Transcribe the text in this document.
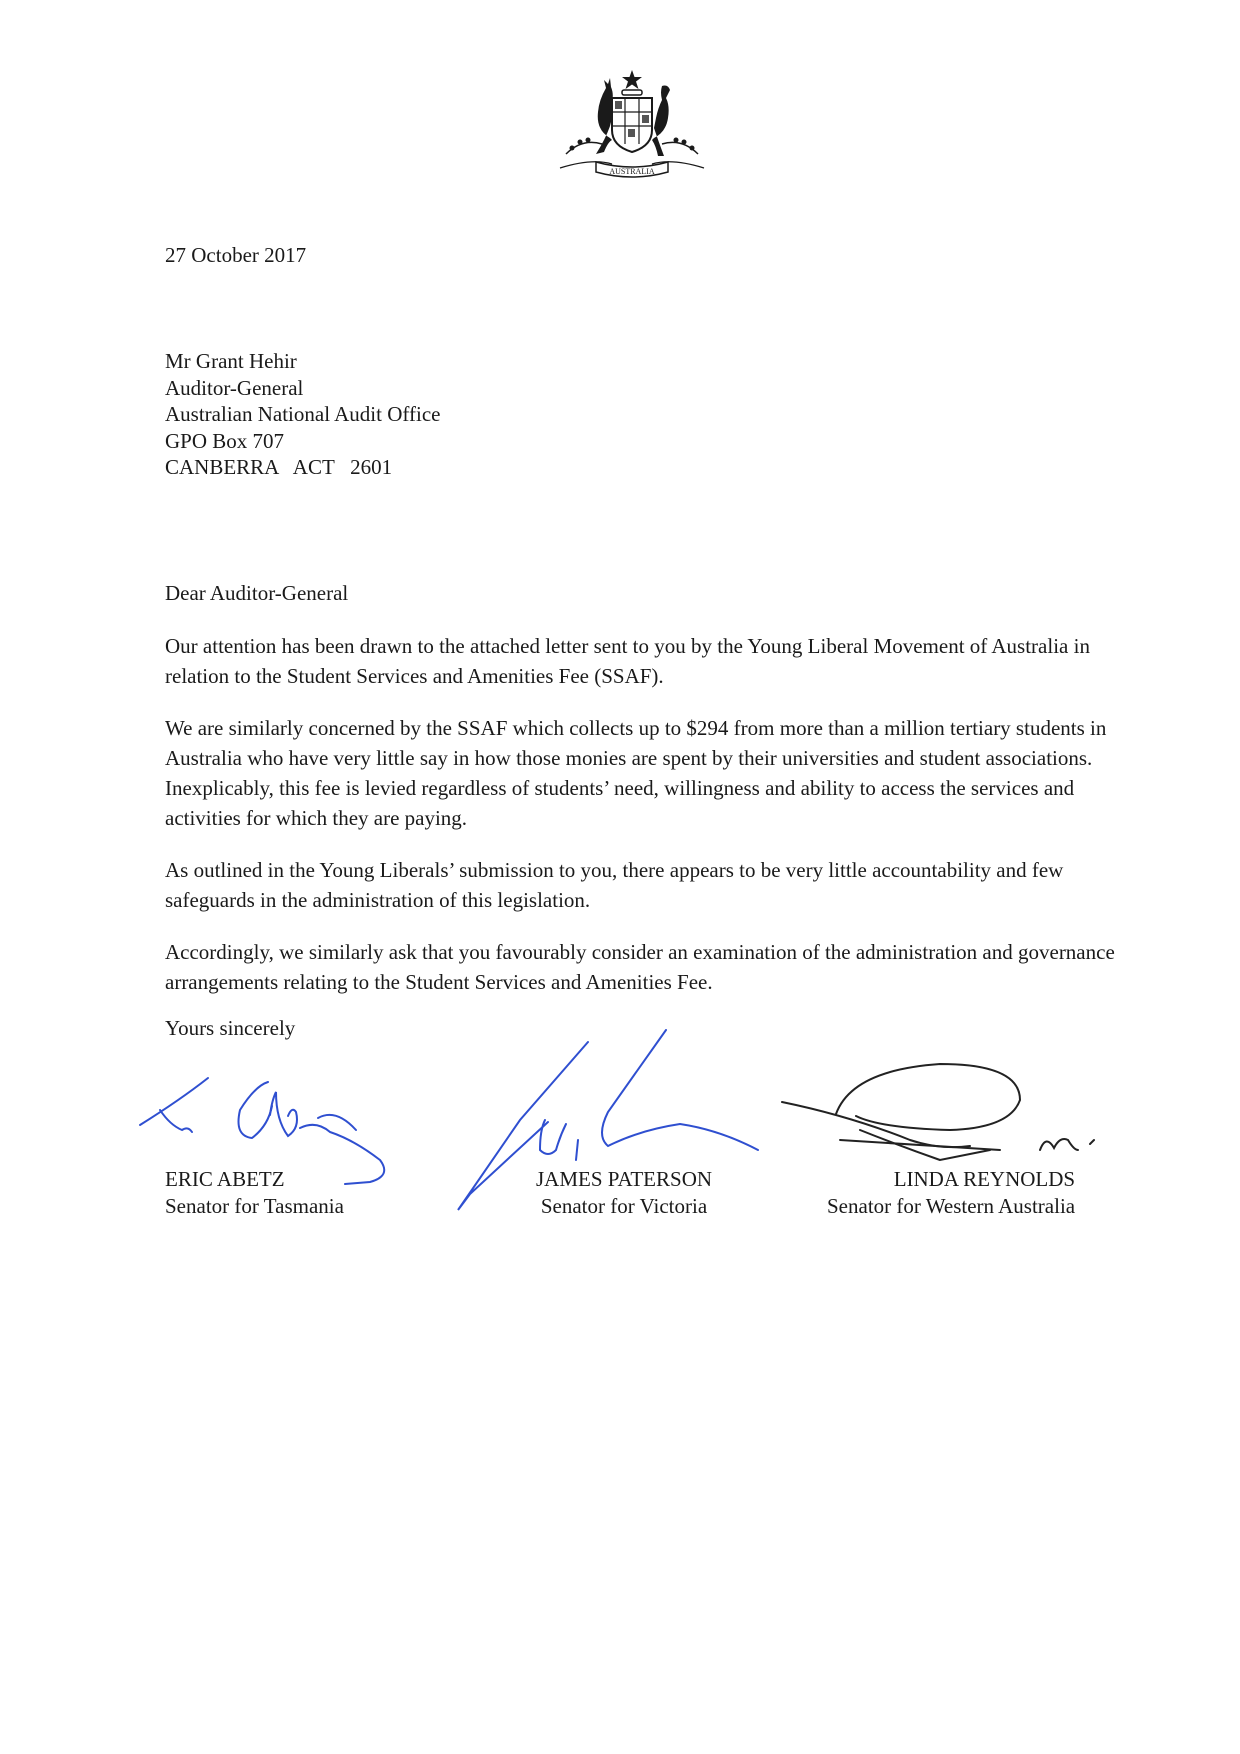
AUSTRALIA
27 October 2017
Mr Grant Hehir
Auditor-General
Australian National Audit Office
GPO Box 707
CANBERRA   ACT   2601
Dear Auditor-General

Our attention has been drawn to the attached letter sent to you by the Young Liberal Movement of Australia in relation to the Student Services and Amenities Fee (SSAF).

We are similarly concerned by the SSAF which collects up to $294 from more than a million tertiary students in Australia who have very little say in how those monies are spent by their universities and student associations. Inexplicably, this fee is levied regardless of students’ need, willingness and ability to access the services and activities for which they are paying.

As outlined in the Young Liberals’ submission to you, there appears to be very little accountability and few safeguards in the administration of this legislation.

Accordingly, we similarly ask that you favourably consider an examination of the administration and governance arrangements relating to the Student Services and Amenities Fee.

Yours sincerely
ERIC ABETZ
Senator for Tasmania
JAMES PATERSON
Senator for Victoria
LINDA REYNOLDS
Senator for Western Australia
